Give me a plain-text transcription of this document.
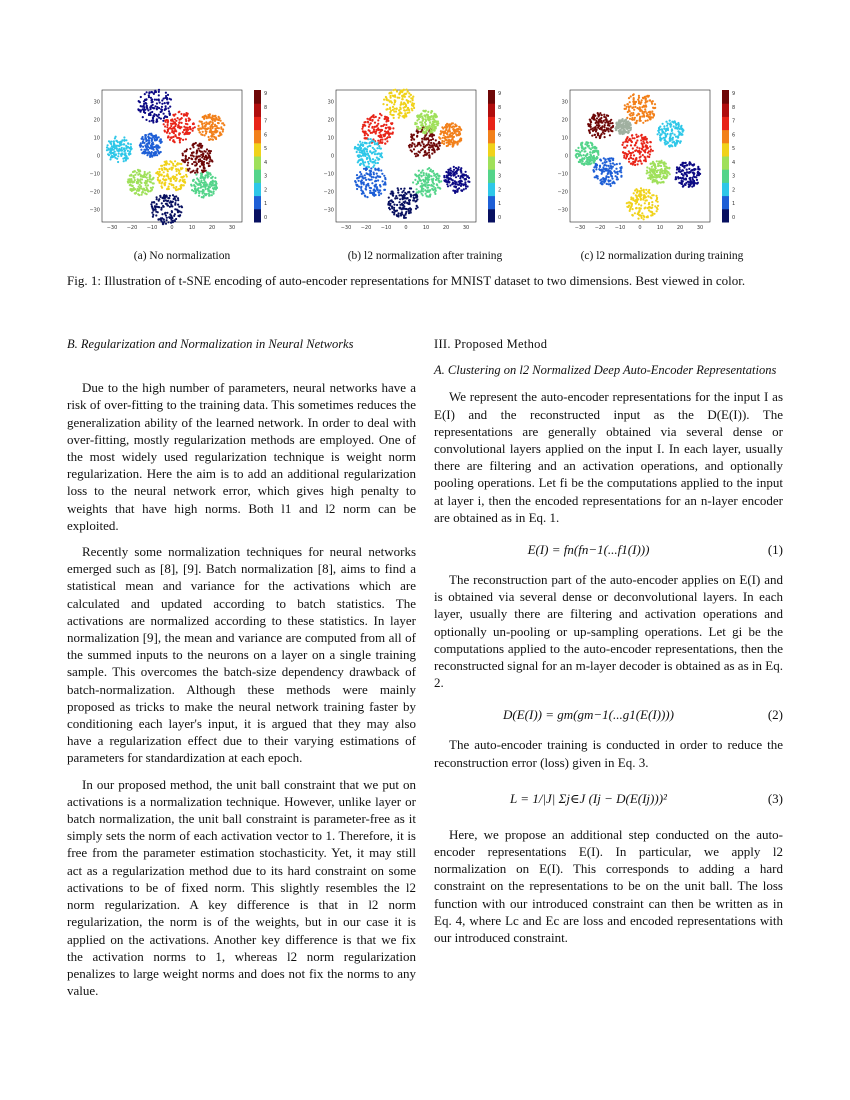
30
20
10
0
−10
−20
−30
−30 −20 −10	0	10	20	30
9
8
7
6
5
4
3
2
1
0
30
20
10
0
−10
−20
−30
−30 −20 −10	0	10	20	30
9
8
7
6
5
4
3
2
1
0
30
20
10
0
−10
−20
−30
−30 −20 −10	0	10	20	30
9
8
7
6
5
4
3
2
1
0
(a) No normalization	(b) l2 normalization after training	(c) l2 normalization during training
Fig. 1: Illustration of t-SNE encoding of auto-encoder representations for MNIST dataset to two dimensions. Best viewed in color.

B. Regularization and Normalization in Neural Networks

Due to the high number of parameters, neural networks have a risk of over-fitting to the training data. This sometimes reduces the generalization ability of the learned network. In order to deal with over-fitting, mostly regularization methods are employed. One of the most widely used regularization technique is weight norm regularization. Here the aim is to add an additional regularization loss to the neural network error, which gives high penalty to weights that have high norms. Both l1 and l2 norm can be exploited.

Recently some normalization techniques for neural networks emerged such as [8], [9]. Batch normalization [8], aims to find a statistical mean and variance for the activations which are calculated and updated according to batch statistics. The activations are normalized according to these statistics. In layer normalization [9], the mean and variance are computed from all of the summed inputs to the neurons on a layer on a single training sample. This overcomes the batch-size dependency drawback of batch-normalization. Although these methods were mainly proposed as tricks to make the neural network training faster by conditioning each layer's input, it is argued that they may also have a regularization effect due to their varying estimations of parameters for standardization at each epoch.

In our proposed method, the unit ball constraint that we put on activations is a normalization technique. However, unlike layer or batch normalization, the unit ball constraint is parameter-free as it simply sets the norm of each activation vector to 1. Therefore, it is free from the parameter estimation stochasticity. Yet, it may still act as a regularization method due to its hard constraint on some activations to be of fixed norm. This slightly resembles the l2 norm regularization. A key difference is that in l2 norm regularization, the norm is of the weights, but in our case it is applied on the activations. Another key difference is that we fix the activation norms to 1, whereas l2 norm regularization penalizes to large weight norms and does not fix the norms to any value.

III. Proposed Method

A. Clustering on l2 Normalized Deep Auto-Encoder Representations

We represent the auto-encoder representations for the input I as E(I) and the reconstructed input as the D(E(I)). The representations are generally obtained via several dense or convolutional layers applied on the input I. In each layer, usually there are filtering and an activation operations, and optionally pooling operations. Let fi be the computations applied to the input at layer i, then the encoded representations for an n-layer encoder are obtained as in Eq. 1.

E(I) = fn(fn−1(...f1(I)))	(1)

The reconstruction part of the auto-encoder applies on E(I) and is obtained via several dense or deconvolutional layers. In each layer, usually there are filtering and activation operations and optionally un-pooling or up-sampling operations. Let gi be the computations applied to the auto-encoder representations, then the reconstructed signal for an m-layer decoder is obtained as as in Eq. 2.

D(E(I)) = gm(gm−1(...g1(E(I))))	(2)

The auto-encoder training is conducted in order to reduce the reconstruction error (loss) given in Eq. 3.

L = 1/|J| Σj∈J (Ij − D(E(Ij)))²	(3)

Here, we propose an additional step conducted on the auto-encoder representations E(I). In particular, we apply l2 normalization on E(I). This corresponds to adding a hard constraint on the representations to be on the unit ball. The loss function with our introduced constraint can then be written as in Eq. 4, where Lc and Ec are loss and encoded representations with our introduced constraint.
